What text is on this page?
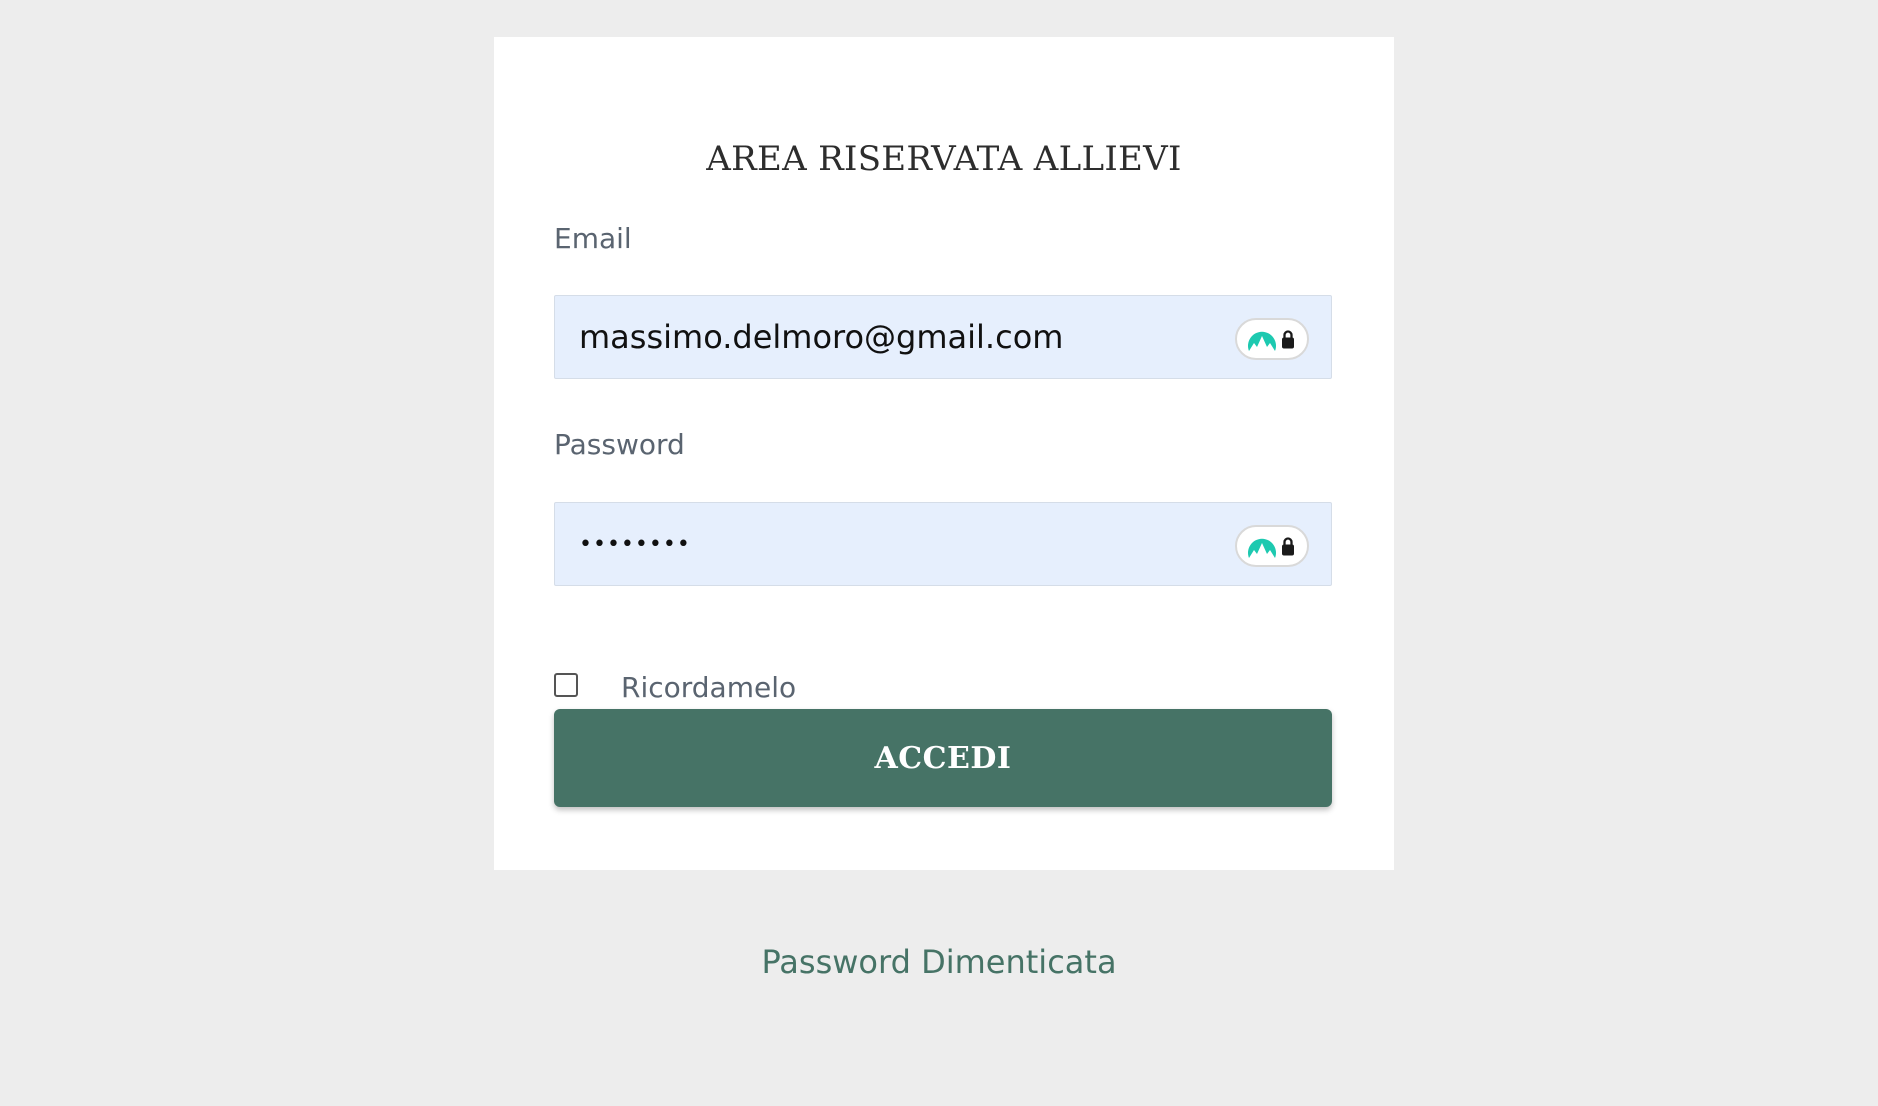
AREA RISERVATA ALLIEVI
Email
massimo.delmoro@gmail.com
Password
••••••••
Ricordamelo
ACCEDI
Password Dimenticata
